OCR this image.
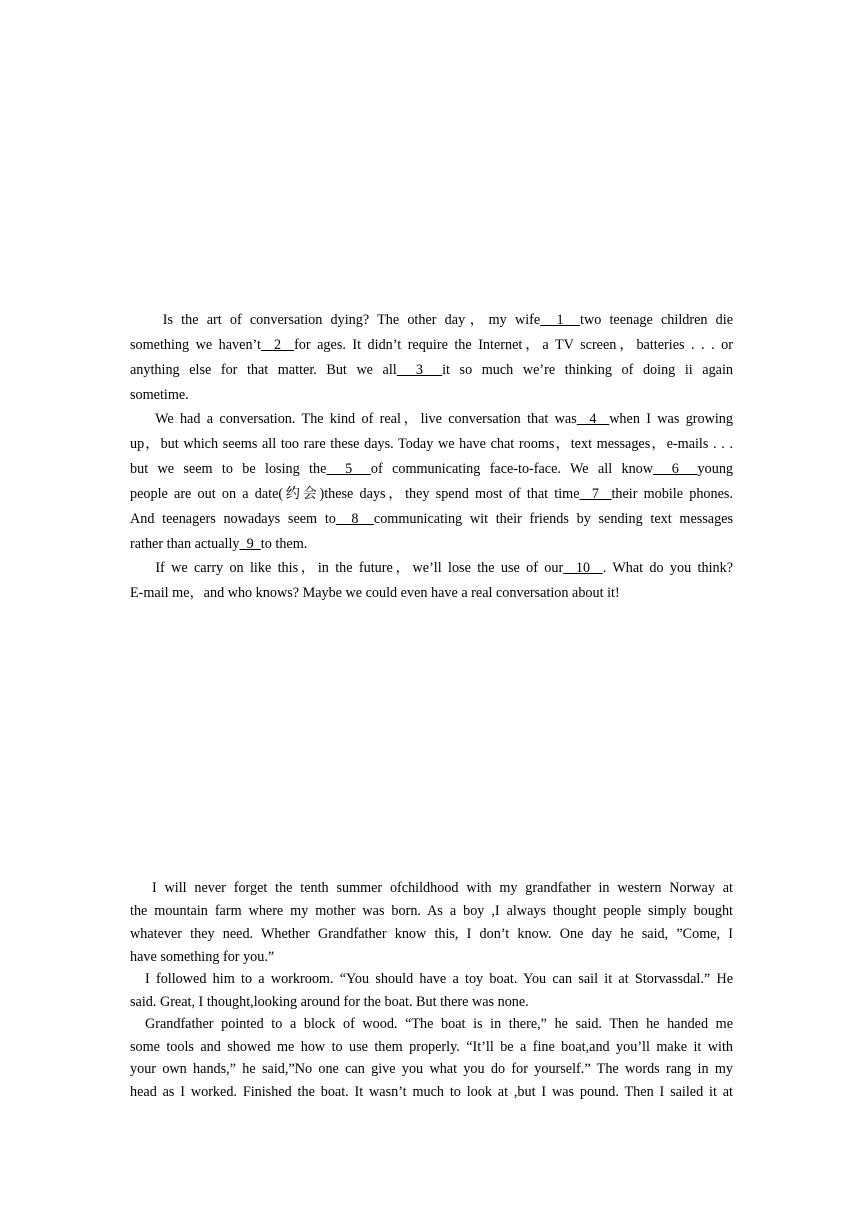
Is the art of conversation dying? The other day，my wife  1  two teenage children die
something we haven’t  2  for ages. It didn’t require the Internet，a TV screen，batteries . . . or
anything else for that matter. But we all  3  it so much we’re thinking of doing ii again
sometime.
We had a conversation. The kind of real，live conversation that was  4  when I was growing
up，but which seems all too rare these days. Today we have chat rooms，text messages，e-mails . . .
but we seem to be losing the  5  of communicating face-to-face. We all know  6  young
people are out on a date(约会)these days，they spend most of that time  7  their mobile phones.
And teenagers nowadays seem to  8  communicating wit their friends by sending text messages
rather than actually  9  to them.
If we carry on like this，in the future，we’ll lose the use of our  10  . What do you think?
E-mail me，and who knows? Maybe we could even have a real conversation about it!
I will never forget the tenth summer ofchildhood with my grandfather in western Norway at
the mountain farm where my mother was born. As a boy ,I always thought people simply bought
whatever they need. Whether Grandfather know this, I don’t know. One day he said, ”Come, I
have something for you.”
I followed him to a workroom. “You should have a toy boat. You can sail it at Storvassdal.” He
said. Great, I thought,looking around for the boat. But there was none.
Grandfather pointed to a block of wood. “The boat is in there,” he said. Then he handed me
some tools and showed me how to use them properly. “It’ll be a fine boat,and you’ll make it with
your own hands,” he said,”No one can give you what you do for yourself.” The words rang in my
head as I worked. Finished the boat. It wasn’t much to look at ,but I was pound. Then I sailed it at
